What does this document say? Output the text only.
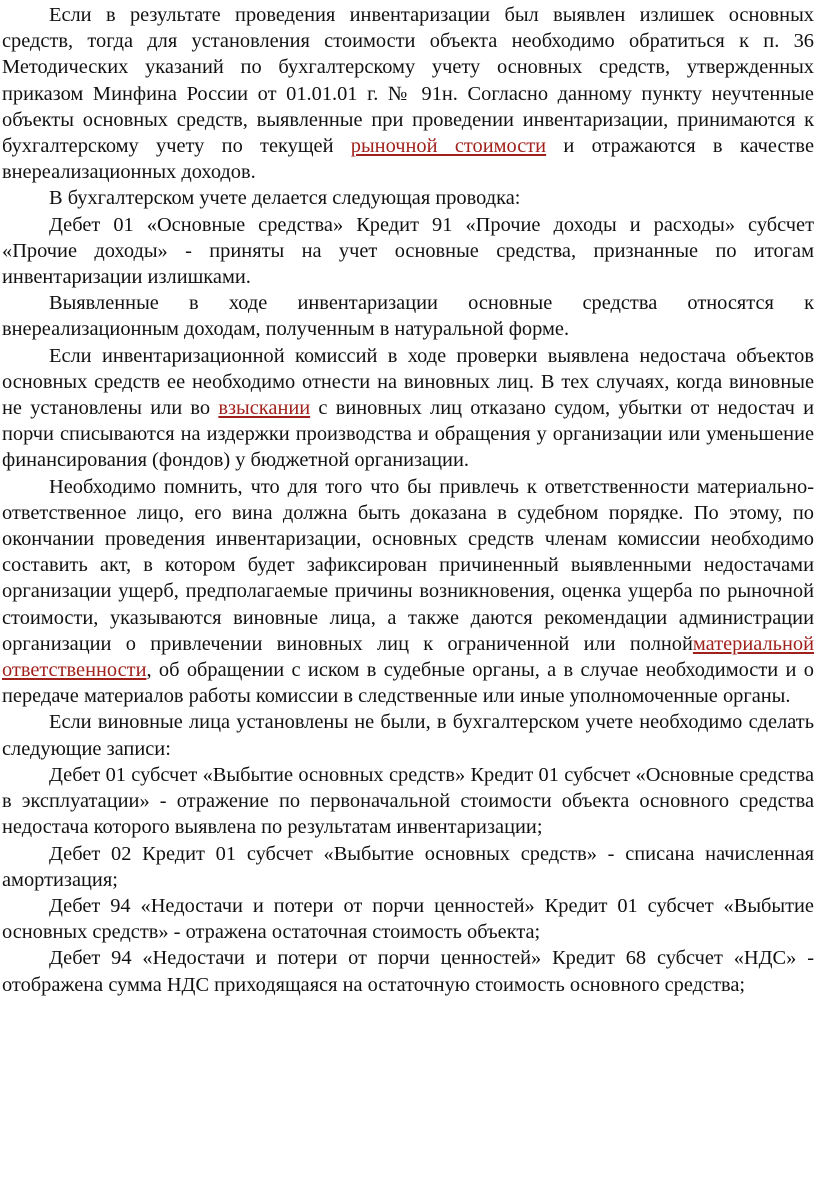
Если в результате проведения инвентаризации был выявлен излишек основных средств, тогда для установления стоимости объекта необходимо обратиться к п. 36 Методических указаний по бухгалтерскому учету основных средств, утвержденных приказом Минфина России от 01.01.01 г. № 91н. Согласно данному пункту неучтенные объекты основных средств, выявленные при проведении инвентаризации, принимаются к бухгалтерскому учету по текущей рыночной стоимости и отражаются в качестве внереализационных доходов.

В бухгалтерском учете делается следующая проводка:

Дебет 01 «Основные средства» Кредит 91 «Прочие доходы и расходы» субсчет «Прочие доходы» - приняты на учет основные средства, признанные по итогам инвентаризации излишками.

Выявленные в ходе инвентаризации основные средства относятся к внереализационным доходам, полученным в натуральной форме.

Если инвентаризационной комиссий в ходе проверки выявлена недостача объектов основных средств ее необходимо отнести на виновных лиц. В тех случаях, когда виновные не установлены или во взыскании с виновных лиц отказано судом, убытки от недостач и порчи списываются на издержки производства и обращения у организации или уменьшение финансирования (фондов) у бюджетной организации.

Необходимо помнить, что для того что бы привлечь к ответственности материально-ответственное лицо, его вина должна быть доказана в судебном порядке. По этому, по окончании проведения инвентаризации, основных средств членам комиссии необходимо составить акт, в котором будет зафиксирован причиненный выявленными недостачами организации ущерб, предполагаемые причины возникновения, оценка ущерба по рыночной стоимости, указываются виновные лица, а также даются рекомендации администрации организации о привлечении виновных лиц к ограниченной или полнойматериальной ответственности, об обращении с иском в судебные органы, а в случае необходимости и о передаче материалов работы комиссии в следственные или иные уполномоченные органы.

Если виновные лица установлены не были, в бухгалтерском учете необходимо сделать следующие записи:

Дебет 01 субсчет «Выбытие основных средств» Кредит 01 субсчет «Основные средства в эксплуатации» - отражение по первоначальной стоимости объекта основного средства недостача которого выявлена по результатам инвентаризации;

Дебет 02 Кредит 01 субсчет «Выбытие основных средств» - списана начисленная амортизация;

Дебет 94 «Недостачи и потери от порчи ценностей» Кредит 01 субсчет «Выбытие основных средств» - отражена остаточная стоимость объекта;

Дебет 94 «Недостачи и потери от порчи ценностей» Кредит 68 субсчет «НДС» - отображена сумма НДС приходящаяся на остаточную стоимость основного средства;
